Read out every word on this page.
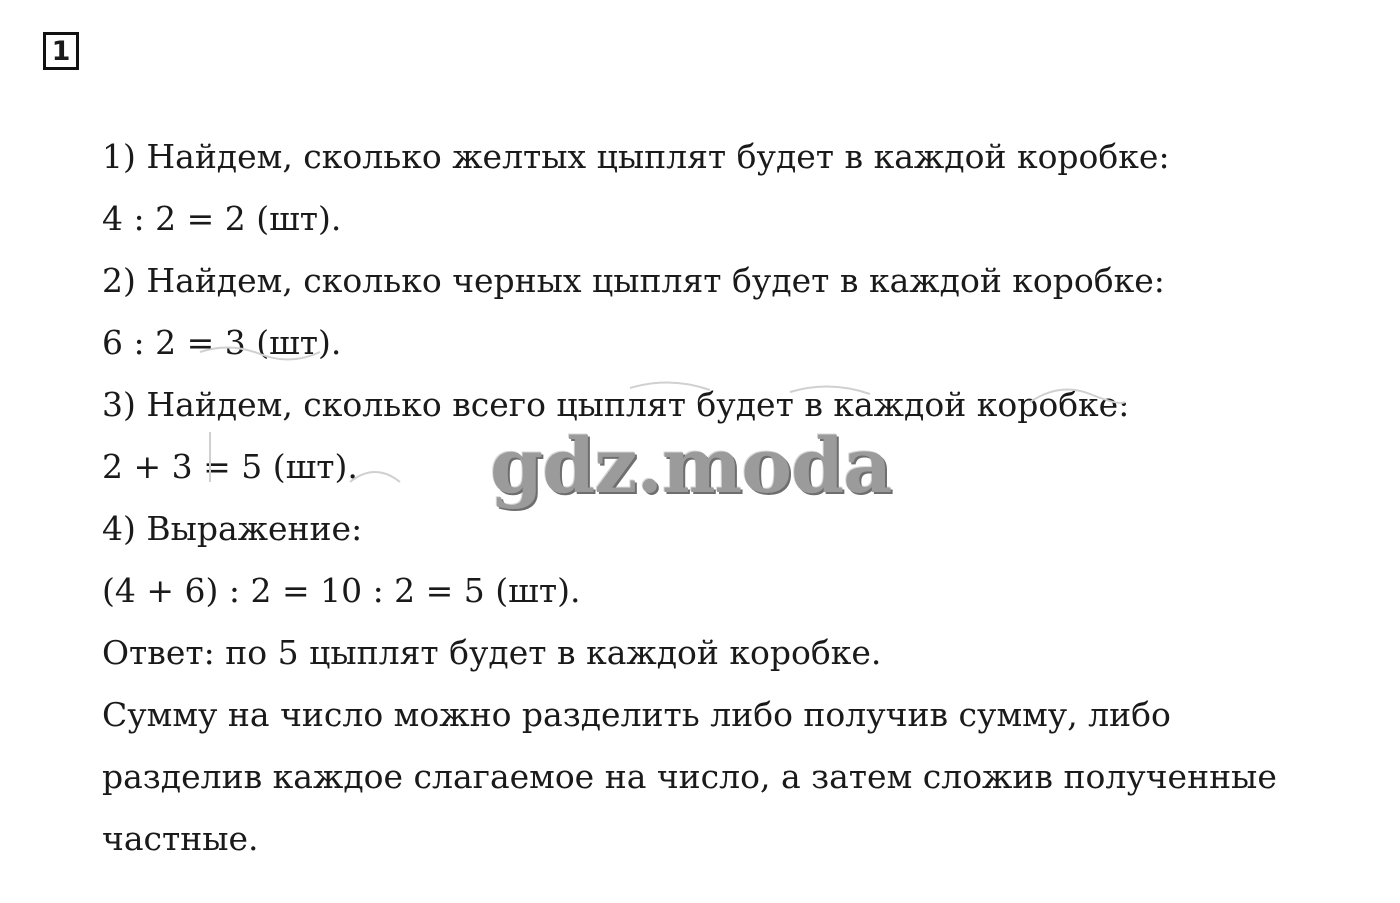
1
1) Найдем, сколько желтых цыплят будет в каждой коробке:
4 : 2 = 2 (шт).
2) Найдем, сколько черных цыплят будет в каждой коробке:
6 : 2 = 3 (шт).
3) Найдем, сколько всего цыплят будет в каждой коробке:
2 + 3 = 5 (шт).
4) Выражение:
(4 + 6) : 2 = 10 : 2 = 5 (шт).
Ответ: по 5 цыплят будет в каждой коробке.
Сумму на число можно разделить либо получив сумму, либо
разделив каждое слагаемое на число, а затем сложив полученные
частные.
gdz.moda
